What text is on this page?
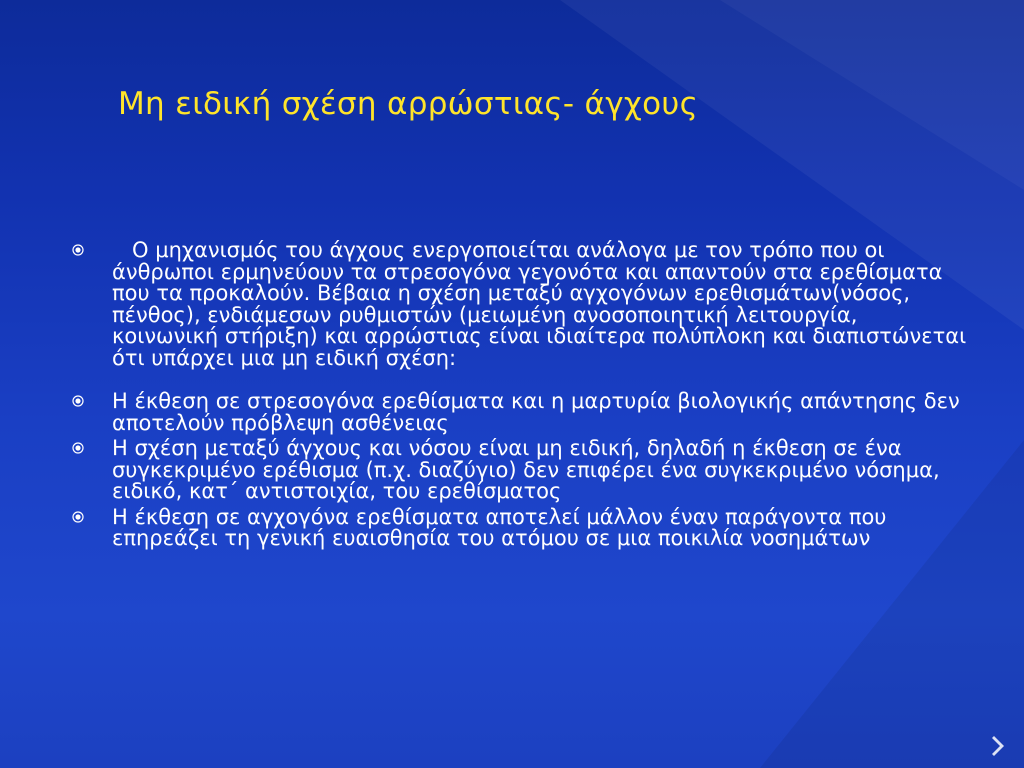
Μη ειδική σχέση αρρώστιας- άγχους
Ο μηχανισμός του άγχους ενεργοποιείται ανάλογα με τον τρόπο που οι άνθρωποι ερμηνεύουν τα στρεσογόνα γεγονότα και απαντούν στα ερεθίσματα που τα προκαλούν. Βέβαια η σχέση μεταξύ αγχογόνων ερεθισμάτων(νόσος, πένθος), ενδιάμεσων ρυθμιστών (μειωμένη ανοσοποιητική λειτουργία, κοινωνική στήριξη) και αρρώστιας είναι ιδιαίτερα πολύπλοκη και διαπιστώνεται ότι υπάρχει μια μη ειδική σχέση:
Η έκθεση σε στρεσογόνα ερεθίσματα και η μαρτυρία βιολογικής απάντησης δεν αποτελούν πρόβλεψη ασθένειας
Η σχέση μεταξύ άγχους και νόσου είναι μη ειδική, δηλαδή η έκθεση σε ένα συγκεκριμένο ερέθισμα (π.χ. διαζύγιο) δεν επιφέρει ένα συγκεκριμένο νόσημα, ειδικό, κατ΄ αντιστοιχία, του ερεθίσματος
Η έκθεση σε αγχογόνα ερεθίσματα αποτελεί μάλλον έναν παράγοντα που επηρεάζει τη γενική ευαισθησία του ατόμου σε μια ποικιλία νοσημάτων
